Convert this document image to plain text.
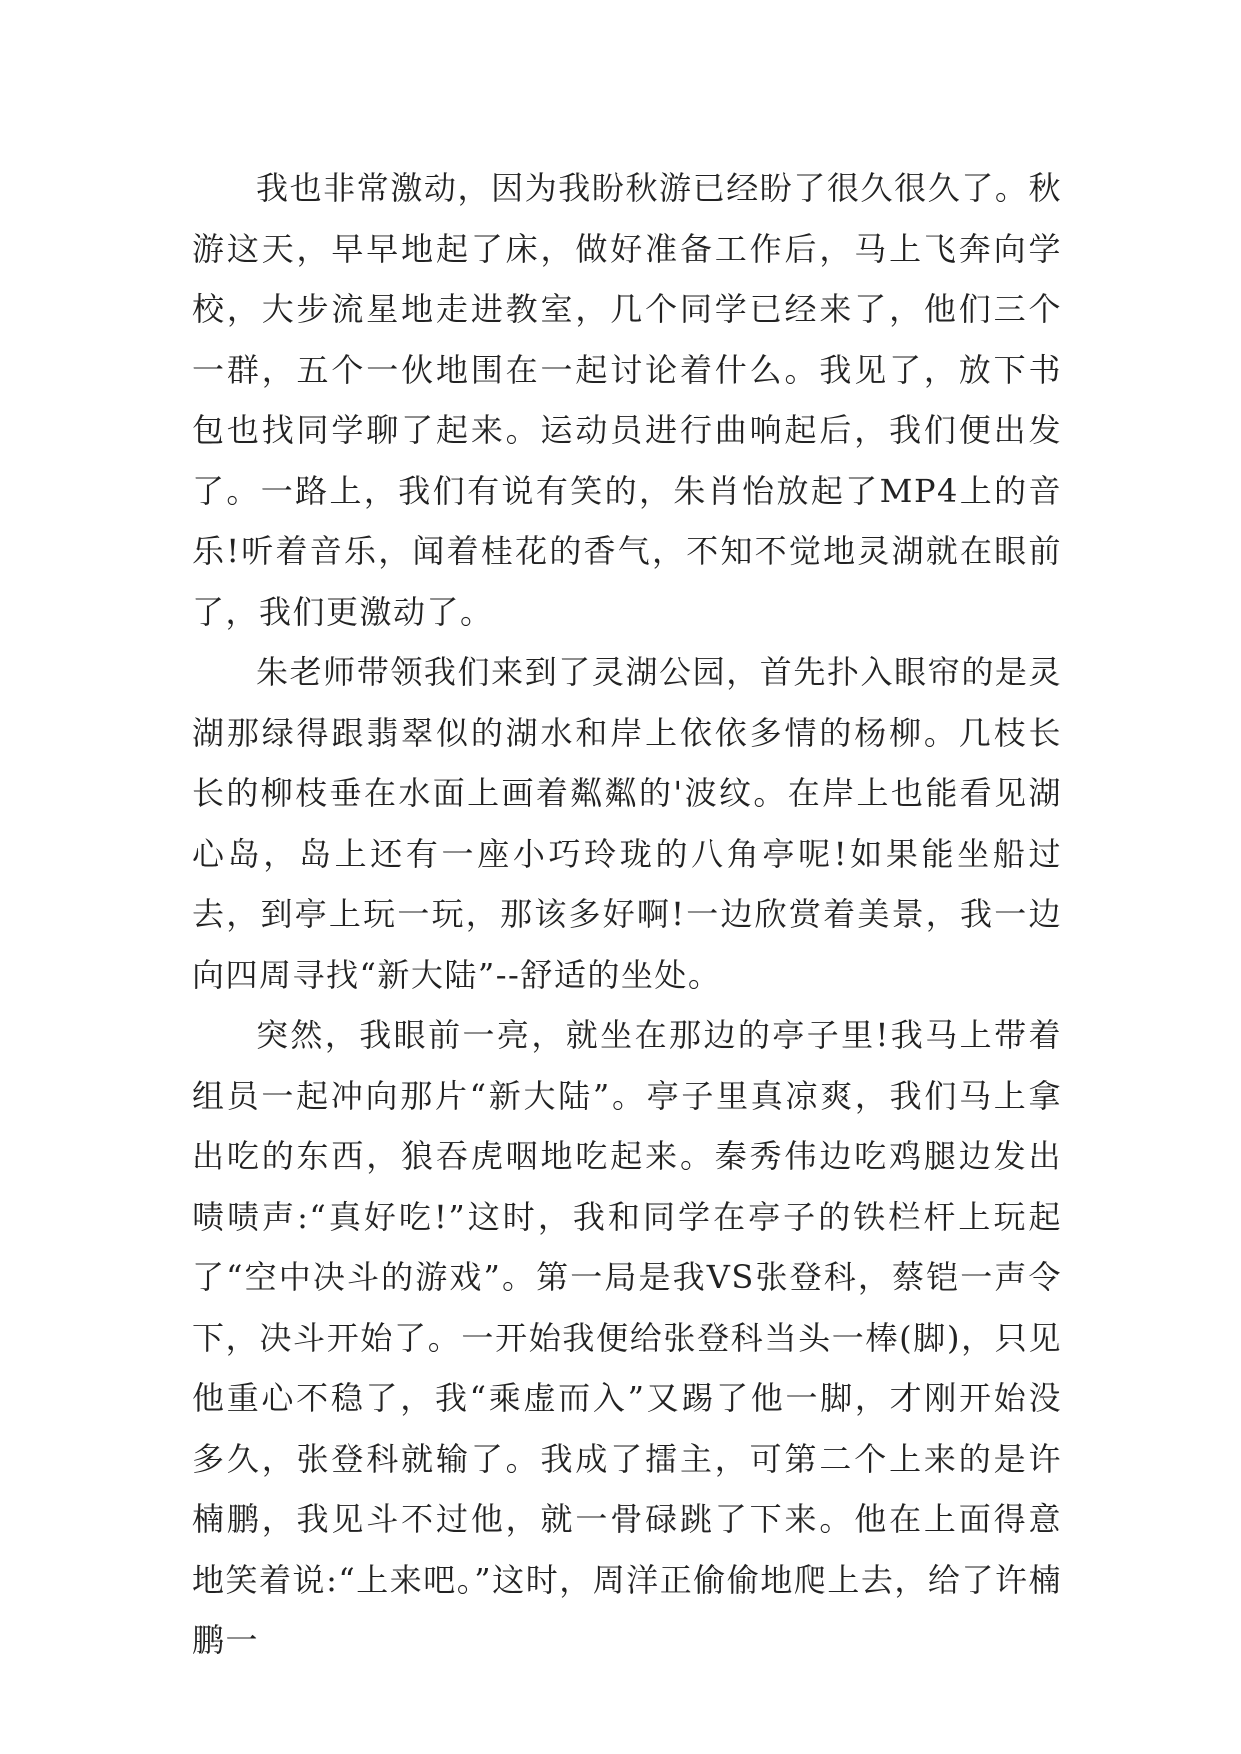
我也非常激动，因为我盼秋游已经盼了很久很久了。秋游这天，早早地起了床，做好准备工作后，马上飞奔向学校，大步流星地走进教室，几个同学已经来了，他们三个一群，五个一伙地围在一起讨论着什么。我见了，放下书包也找同学聊了起来。运动员进行曲响起后，我们便出发了。一路上，我们有说有笑的，朱肖怡放起了MP4上的音乐!听着音乐，闻着桂花的香气，不知不觉地灵湖就在眼前了，我们更激动了。

朱老师带领我们来到了灵湖公园，首先扑入眼帘的是灵湖那绿得跟翡翠似的湖水和岸上依依多情的杨柳。几枝长长的柳枝垂在水面上画着粼粼的'波纹。在岸上也能看见湖心岛，岛上还有一座小巧玲珑的八角亭呢!如果能坐船过去，到亭上玩一玩，那该多好啊!一边欣赏着美景，我一边向四周寻找“新大陆”--舒适的坐处。

突然，我眼前一亮，就坐在那边的亭子里!我马上带着组员一起冲向那片“新大陆”。亭子里真凉爽，我们马上拿出吃的东西，狼吞虎咽地吃起来。秦秀伟边吃鸡腿边发出啧啧声:“真好吃!”这时，我和同学在亭子的铁栏杆上玩起了“空中决斗的游戏”。第一局是我VS张登科，蔡铠一声令下，决斗开始了。一开始我便给张登科当头一棒(脚)，只见他重心不稳了，我“乘虚而入”又踢了他一脚，才刚开始没多久，张登科就输了。我成了擂主，可第二个上来的是许楠鹏，我见斗不过他，就一骨碌跳了下来。他在上面得意地笑着说:“上来吧。”这时，周洋正偷偷地爬上去，给了许楠鹏一
